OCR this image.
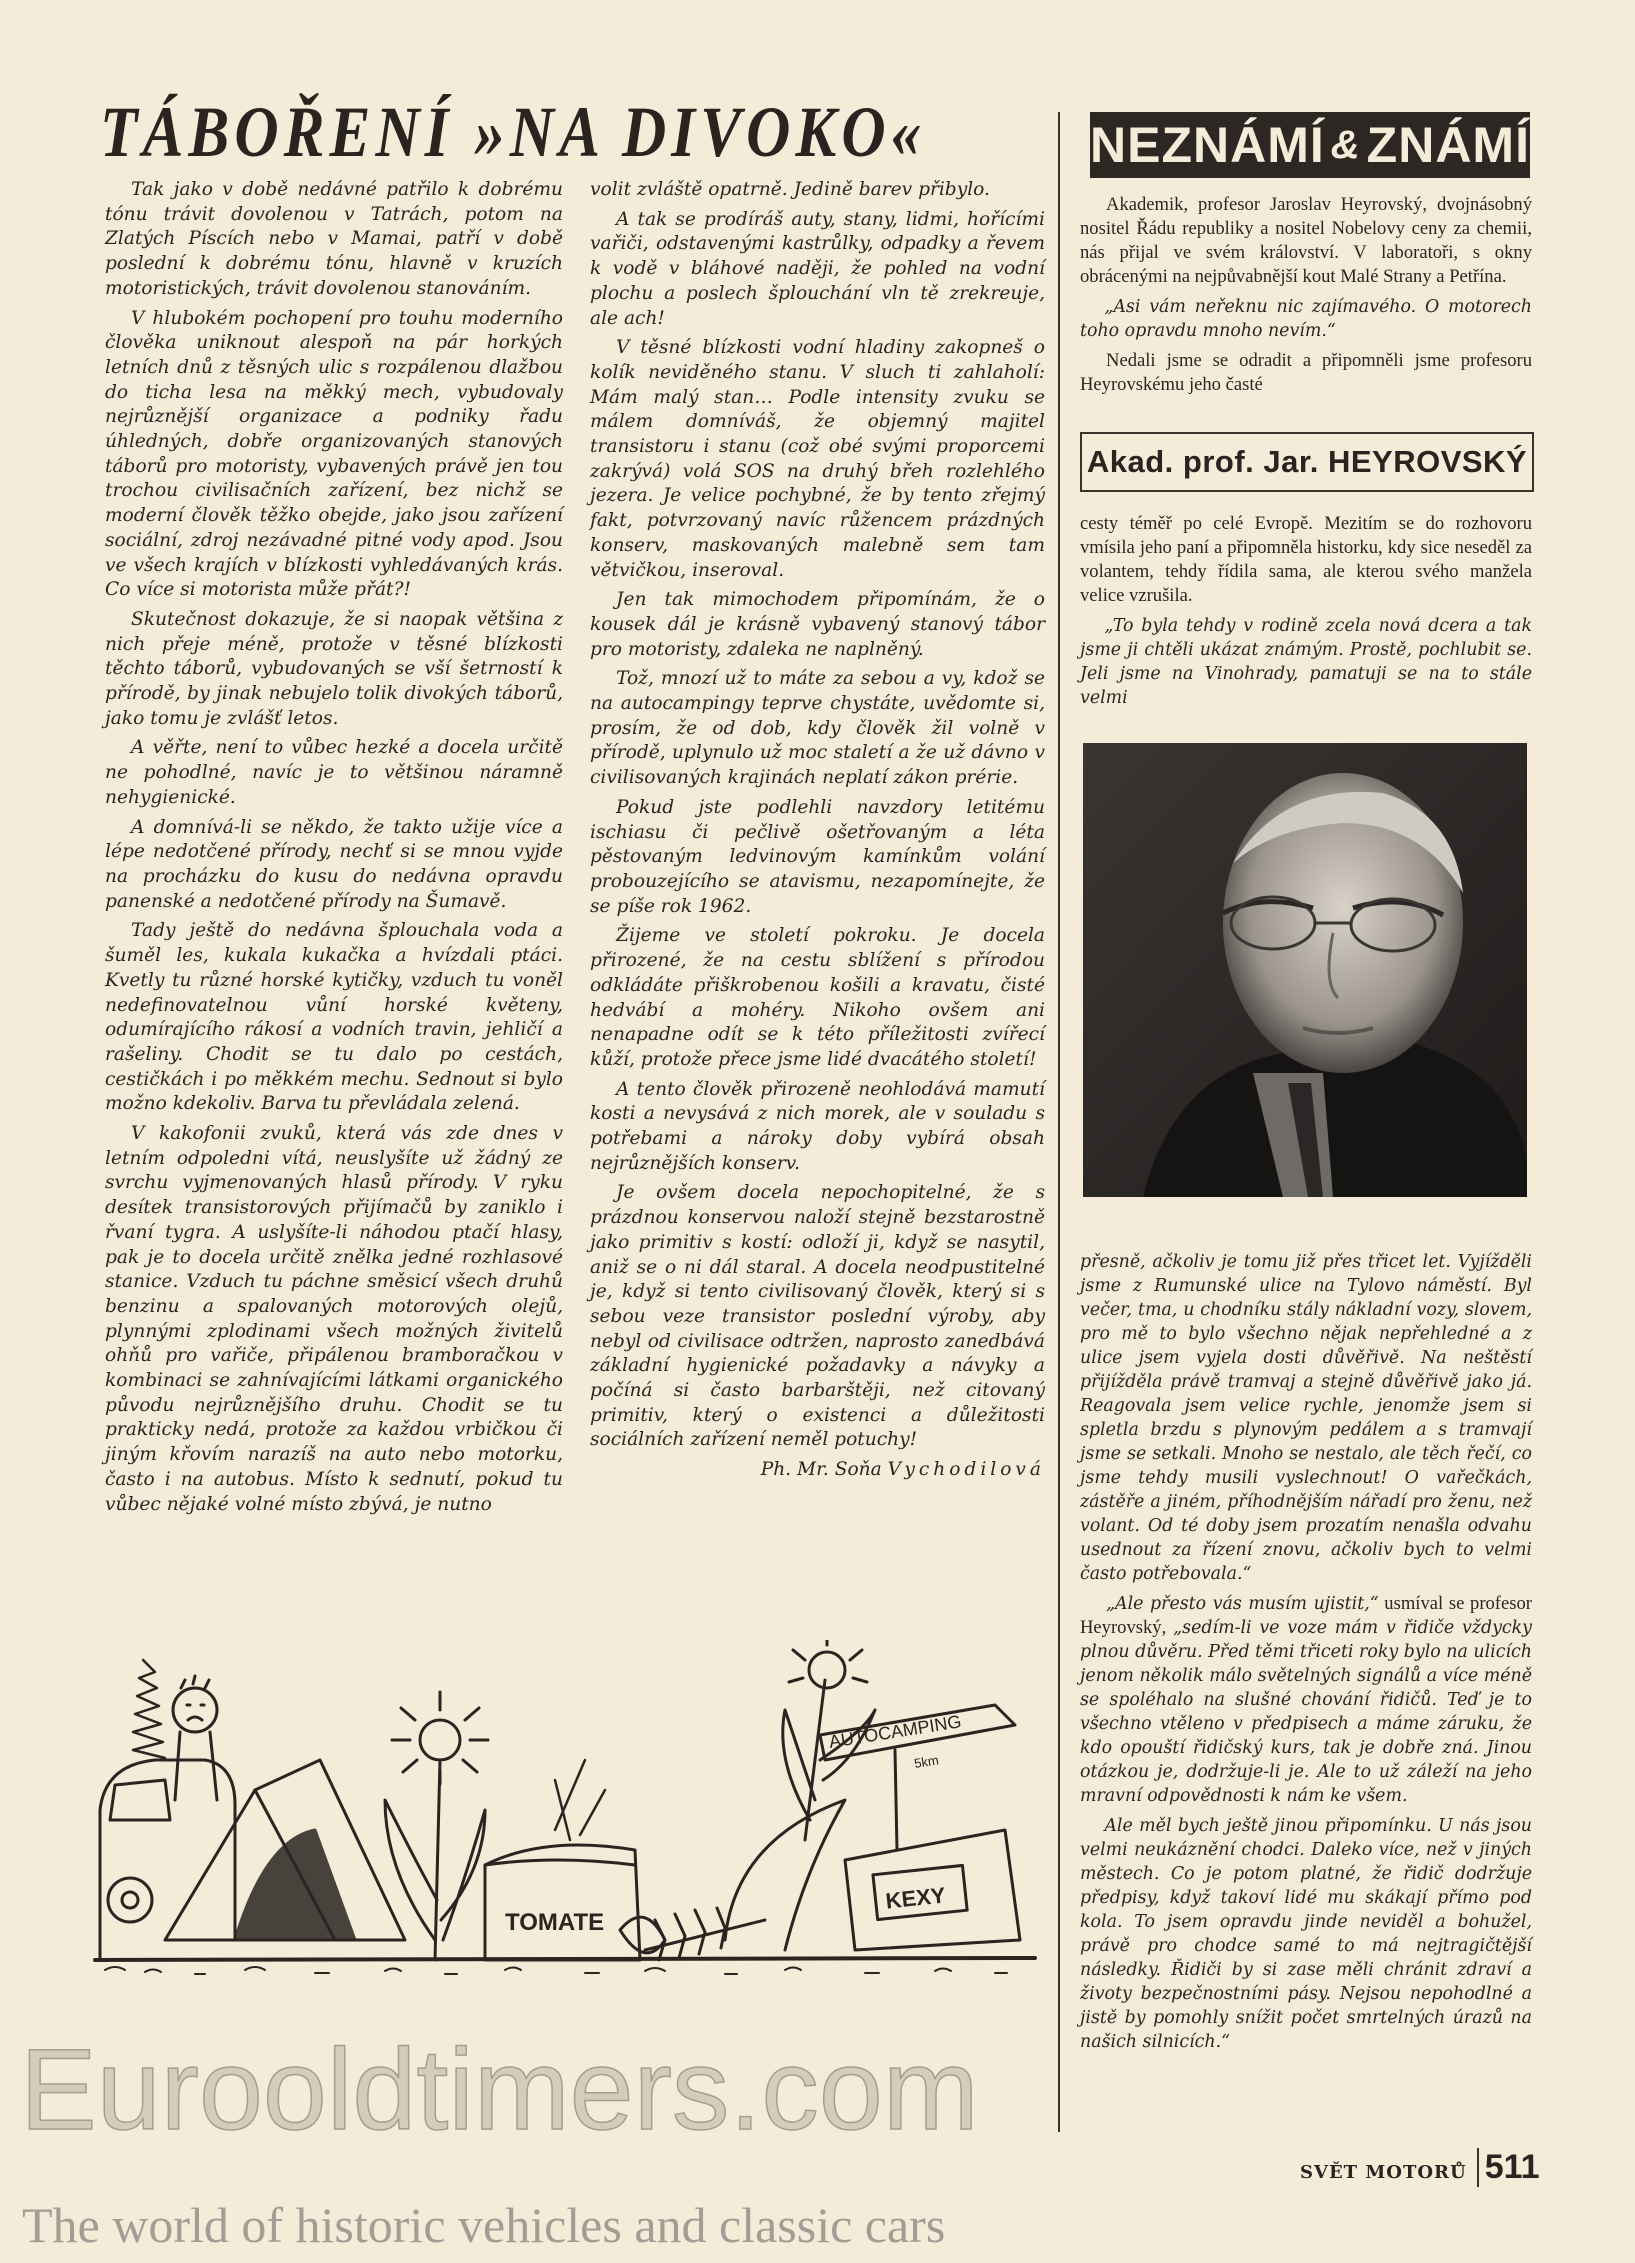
TÁBOŘENÍ »NA DIVOKO«

Tak jako v době nedávné patřilo k dobrému tónu trávit dovolenou v Tatrách, potom na Zlatých Píscích nebo v Mamai, patří v době poslední k dobrému tónu, hlavně v kruzích motoristických, trávit dovolenou stanováním.

V hlubokém pochopení pro touhu moderního člověka uniknout alespoň na pár horkých letních dnů z těsných ulic s rozpálenou dlažbou do ticha lesa na měkký mech, vybudovaly nejrůznější organizace a podniky řadu úhledných, dobře organizovaných stanových táborů pro motoristy, vybavených právě jen tou trochou civilisačních zařízení, bez nichž se moderní člověk těžko obejde, jako jsou zařízení sociální, zdroj nezávadné pitné vody apod. Jsou ve všech krajích v blízkosti vyhledávaných krás. Co více si motorista může přát?!

Skutečnost dokazuje, že si naopak většina z nich přeje méně, protože v těsné blízkosti těchto táborů, vybudovaných se vší šetrností k přírodě, by jinak nebujelo tolik divokých táborů, jako tomu je zvlášť letos.

A věřte, není to vůbec hezké a docela určitě ne pohodlné, navíc je to většinou náramně nehygienické.

A domnívá-li se někdo, že takto užije více a lépe nedotčené přírody, nechť si se mnou vyjde na procházku do kusu do nedávna opravdu panenské a nedotčené přírody na Šumavě.

Tady ještě do nedávna šplouchala voda a šuměl les, kukala kukačka a hvízdali ptáci. Kvetly tu různé horské kytičky, vzduch tu voněl nedefinovatelnou vůní horské květeny, odumírajícího rákosí a vodních travin, jehličí a rašeliny. Chodit se tu dalo po cestách, cestičkách i po měkkém mechu. Sednout si bylo možno kdekoliv. Barva tu převládala zelená.

V kakofonii zvuků, která vás zde dnes v letním odpoledni vítá, neuslyšíte už žádný ze svrchu vyjmenovaných hlasů přírody. V ryku desítek transistorových přijímačů by zaniklo i řvaní tygra. A uslyšíte-li náhodou ptačí hlasy, pak je to docela určitě znělka jedné rozhlasové stanice. Vzduch tu páchne směsicí všech druhů benzinu a spalovaných motorových olejů, plynnými zplodinami všech možných živitelů ohňů pro vařiče, připálenou bramboračkou v kombinaci se zahnívajícími látkami organického původu nejrůznějšího druhu. Chodit se tu prakticky nedá, protože za každou vrbičkou či jiným křovím narazíš na auto nebo motorku, často i na autobus. Místo k sednutí, pokud tu vůbec nějaké volné místo zbývá, je nutno

volit zvláště opatrně. Jedině barev přibylo.

A tak se prodíráš auty, stany, lidmi, hořícími vařiči, odstavenými kastrůlky, odpadky a řevem k vodě v bláhové naději, že pohled na vodní plochu a poslech šplouchání vln tě zrekreuje, ale ach!

V těsné blízkosti vodní hladiny zakopneš o kolík neviděného stanu. V sluch ti zahlaholí: Mám malý stan… Podle intensity zvuku se málem domníváš, že objemný majitel transistoru i stanu (což obé svými proporcemi zakrývá) volá SOS na druhý břeh rozlehlého jezera. Je velice pochybné, že by tento zřejmý fakt, potvrzovaný navíc růžencem prázdných konserv, maskovaných malebně sem tam větvičkou, inseroval.

Jen tak mimochodem připomínám, že o kousek dál je krásně vybavený stanový tábor pro motoristy, zdaleka ne naplněný.

Tož, mnozí už to máte za sebou a vy, kdož se na autocampingy teprve chystáte, uvědomte si, prosím, že od dob, kdy člověk žil volně v přírodě, uplynulo už moc staletí a že už dávno v civilisovaných krajinách neplatí zákon prérie.

Pokud jste podlehli navzdory letitému ischiasu či pečlivě ošetřovaným a léta pěstovaným ledvinovým kamínkům volání probouzejícího se atavismu, nezapomínejte, že se píše rok 1962.

Žijeme ve století pokroku. Je docela přirozené, že na cestu sblížení s přírodou odkládáte přiškrobenou košili a kravatu, čisté hedvábí a mohéry. Nikoho ovšem ani nenapadne odít se k této příležitosti zvířecí kůží, protože přece jsme lidé dvacátého století!

A tento člověk přirozeně neohlodává mamutí kosti a nevysává z nich morek, ale v souladu s potřebami a nároky doby vybírá obsah nejrůznějších konserv.

Je ovšem docela nepochopitelné, že s prázdnou konservou naloží stejně bezstarostně jako primitiv s kostí: odloží ji, když se nasytil, aniž se o ni dál staral. A docela neodpustitelné je, když si tento civilisovaný člověk, který si s sebou veze transistor poslední výroby, aby nebyl od civilisace odtržen, naprosto zanedbává základní hygienické požadavky a návyky a počíná si často barbarštěji, než citovaný primitiv, který o existenci a důležitosti sociálních zařízení neměl potuchy!

Ph. Mr. Soňa Vychodilová

TOMATE
AUTOCAMPING
5km
KEXY
NEZNÁMÍ & ZNÁMÍ

Akademik, profesor Jaroslav Heyrovský, dvojnásobný nositel Řádu republiky a nositel Nobelovy ceny za chemii, nás přijal ve svém království. V laboratoři, s okny obrácenými na nejpůvabnější kout Malé Strany a Petřína.

„Asi vám neřeknu nic zajímavého. O motorech toho opravdu mnoho nevím.“

Nedali jsme se odradit a připomněli jsme profesoru Heyrovskému jeho časté

Akad. prof. Jar. HEYROVSKÝ

cesty téměř po celé Evropě. Mezitím se do rozhovoru vmísila jeho paní a připomněla historku, kdy sice neseděl za volantem, tehdy řídila sama, ale kterou svého manžela velice vzrušila.

„To byla tehdy v rodině zcela nová dcera a tak jsme ji chtěli ukázat známým. Prostě, pochlubit se. Jeli jsme na Vinohrady, pamatuji se na to stále velmi

přesně, ačkoliv je tomu již přes třicet let. Vyjížděli jsme z Rumunské ulice na Tylovo náměstí. Byl večer, tma, u chodníku stály nákladní vozy, slovem, pro mě to bylo všechno nějak nepřehledné a z ulice jsem vyjela dosti důvěřivě. Na neštěstí přijížděla právě tramvaj a stejně důvěřivě jako já. Reagovala jsem velice rychle, jenomže jsem si spletla brzdu s plynovým pedálem a s tramvají jsme se setkali. Mnoho se nestalo, ale těch řečí, co jsme tehdy musili vyslechnout! O vařečkách, zástěře a jiném, příhodnějším nářadí pro ženu, než volant. Od té doby jsem prozatím nenašla odvahu usednout za řízení znovu, ačkoliv bych to velmi často potřebovala.“

„Ale přesto vás musím ujistit,“ usmíval se profesor Heyrovský, „sedím-li ve voze mám v řidiče vždycky plnou důvěru. Před těmi třiceti roky bylo na ulicích jenom několik málo světelných signálů a více méně se spoléhalo na slušné chování řidičů. Teď je to všechno vtěleno v předpisech a máme záruku, že kdo opouští řidičský kurs, tak je dobře zná. Jinou otázkou je, dodržuje-li je. Ale to už záleží na jeho mravní odpovědnosti k nám ke všem.

Ale měl bych ještě jinou připomínku. U nás jsou velmi neukáznění chodci. Daleko více, než v jiných městech. Co je potom platné, že řidič dodržuje předpisy, když takoví lidé mu skákají přímo pod kola. To jsem opravdu jinde neviděl a bohužel, právě pro chodce samé to má nejtragičtější následky. Řidiči by si zase měli chránit zdraví a životy bezpečnostními pásy. Nejsou nepohodlné a jistě by pomohly snížit počet smrtelných úrazů na našich silnicích.“

Eurooldtimers.com
The world of historic vehicles and classic cars
SVĚT MOTORŮ 511
